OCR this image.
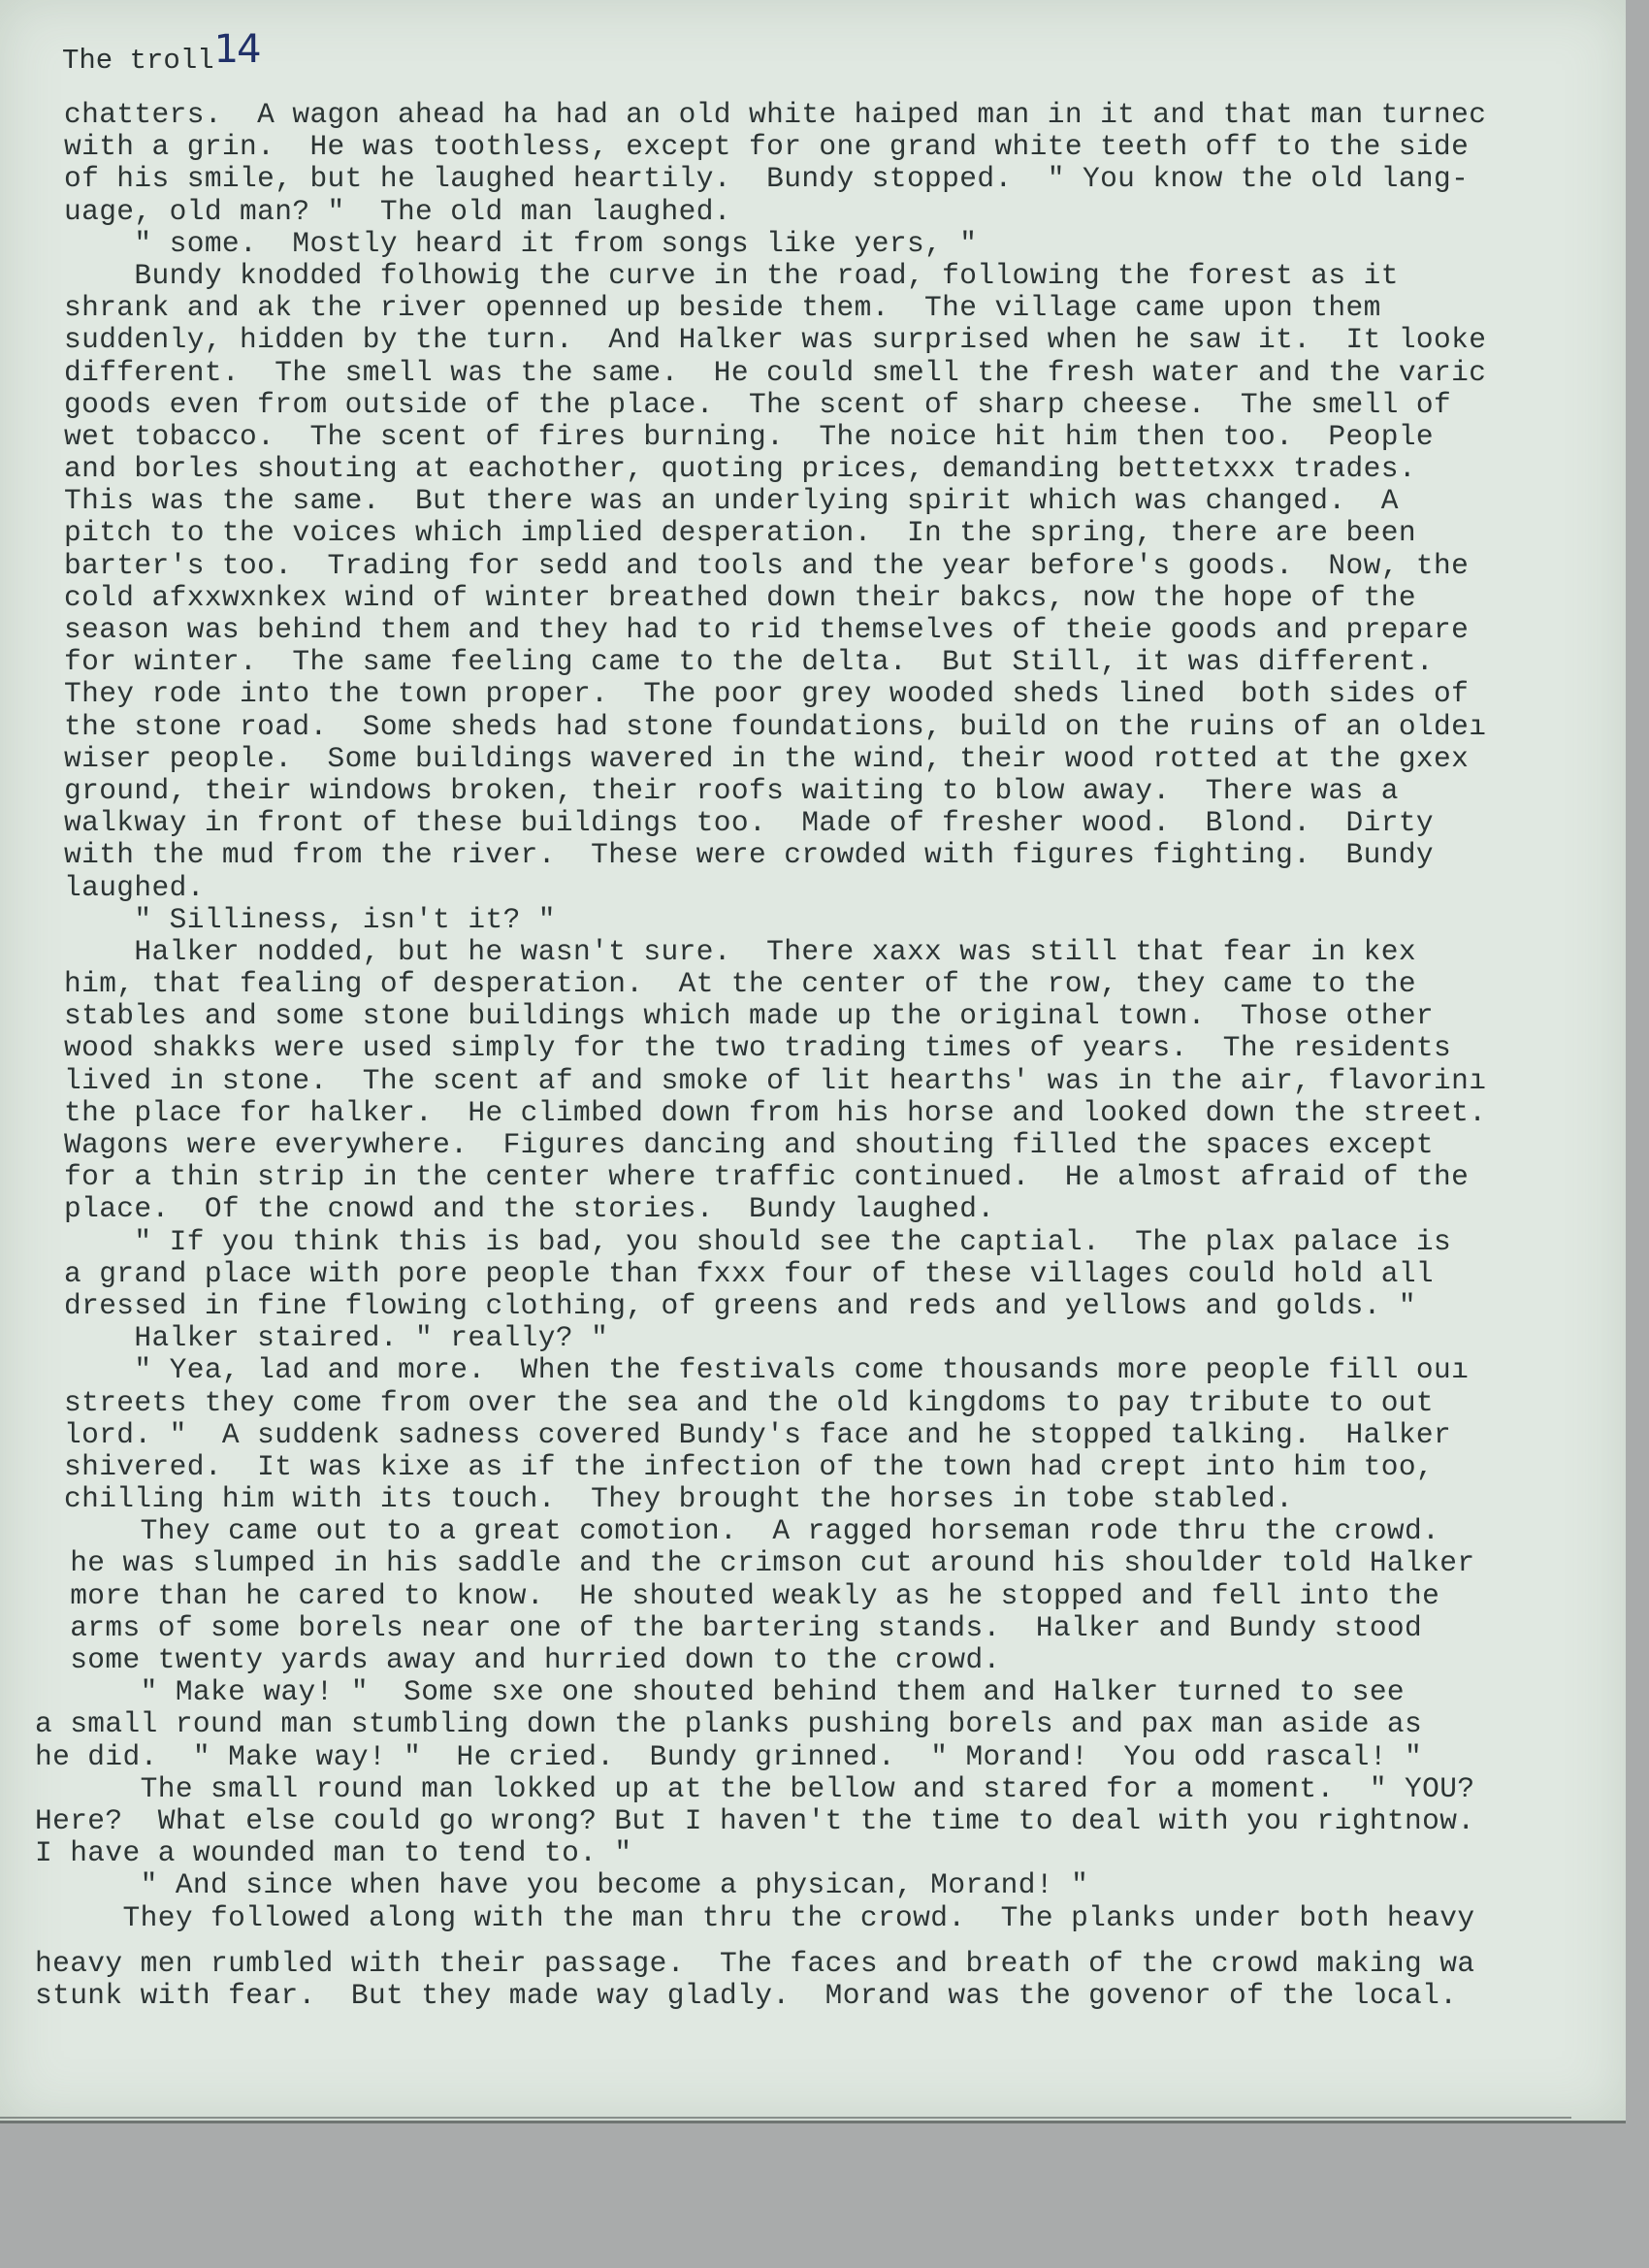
The troll14
chatters.  A wagon ahead ha had an old white haiped man in it and that man turnec
with a grin.  He was toothless, except for one grand white teeth off to the side
of his smile, but he laughed heartily.  Bundy stopped.  " You know the old lang-
uage, old man? "  The old man laughed.
" some.  Mostly heard it from songs like yers, "
Bundy knodded folhowig the curve in the road, following the forest as it
shrank and ak the river openned up beside them.  The village came upon them
suddenly, hidden by the turn.  And Halker was surprised when he saw it.  It looke
different.  The smell was the same.  He could smell the fresh water and the varic
goods even from outside of the place.  The scent of sharp cheese.  The smell of
wet tobacco.  The scent of fires burning.  The noice hit him then too.  People
and borles shouting at eachother, quoting prices, demanding bettetxxx trades.
This was the same.  But there was an underlying spirit which was changed.  A
pitch to the voices which implied desperation.  In the spring, there are been
barter's too.  Trading for sedd and tools and the year before's goods.  Now, the
cold afxxwxnkex wind of winter breathed down their bakcs, now the hope of the
season was behind them and they had to rid themselves of theie goods and prepare
for winter.  The same feeling came to the delta.  But Still, it was different.
They rode into the town proper.  The poor grey wooded sheds lined  both sides of
the stone road.  Some sheds had stone foundations, build on the ruins of an oldeı
wiser people.  Some buildings wavered in the wind, their wood rotted at the gxex
ground, their windows broken, their roofs waiting to blow away.  There was a
walkway in front of these buildings too.  Made of fresher wood.  Blond.  Dirty
with the mud from the river.  These were crowded with figures fighting.  Bundy
laughed.
" Silliness, isn't it? "
Halker nodded, but he wasn't sure.  There xaxx was still that fear in kex
him, that fealing of desperation.  At the center of the row, they came to the
stables and some stone buildings which made up the original town.  Those other
wood shakks were used simply for the two trading times of years.  The residents
lived in stone.  The scent af and smoke of lit hearths' was in the air, flavorinı
the place for halker.  He climbed down from his horse and looked down the street.
Wagons were everywhere.  Figures dancing and shouting filled the spaces except
for a thin strip in the center where traffic continued.  He almost afraid of the
place.  Of the cnowd and the stories.  Bundy laughed.
" If you think this is bad, you should see the captial.  The plax palace is
a grand place with pore people than fxxx four of these villages could hold all
dressed in fine flowing clothing, of greens and reds and yellows and golds. "
Halker staired. " really? "
" Yea, lad and more.  When the festivals come thousands more people fill ouı
streets they come from over the sea and the old kingdoms to pay tribute to out
lord. "  A suddenk sadness covered Bundy's face and he stopped talking.  Halker
shivered.  It was kixe as if the infection of the town had crept into him too,
chilling him with its touch.  They brought the horses in tobe stabled.
They came out to a great comotion.  A ragged horseman rode thru the crowd.
he was slumped in his saddle and the crimson cut around his shoulder told Halker
more than he cared to know.  He shouted weakly as he stopped and fell into the
arms of some borels near one of the bartering stands.  Halker and Bundy stood
some twenty yards away and hurried down to the crowd.
" Make way! "  Some sxe one shouted behind them and Halker turned to see
a small round man stumbling down the planks pushing borels and pax man aside as
he did.  " Make way! "  He cried.  Bundy grinned.  " Morand!  You odd rascal! "
The small round man lokked up at the bellow and stared for a moment.  " YOU?
Here?  What else could go wrong? But I haven't the time to deal with you rightnow.
I have a wounded man to tend to. "
" And since when have you become a physican, Morand! "
They followed along with the man thru the crowd.  The planks under both heavy
heavy men rumbled with their passage.  The faces and breath of the crowd making wa
stunk with fear.  But they made way gladly.  Morand was the govenor of the local.
